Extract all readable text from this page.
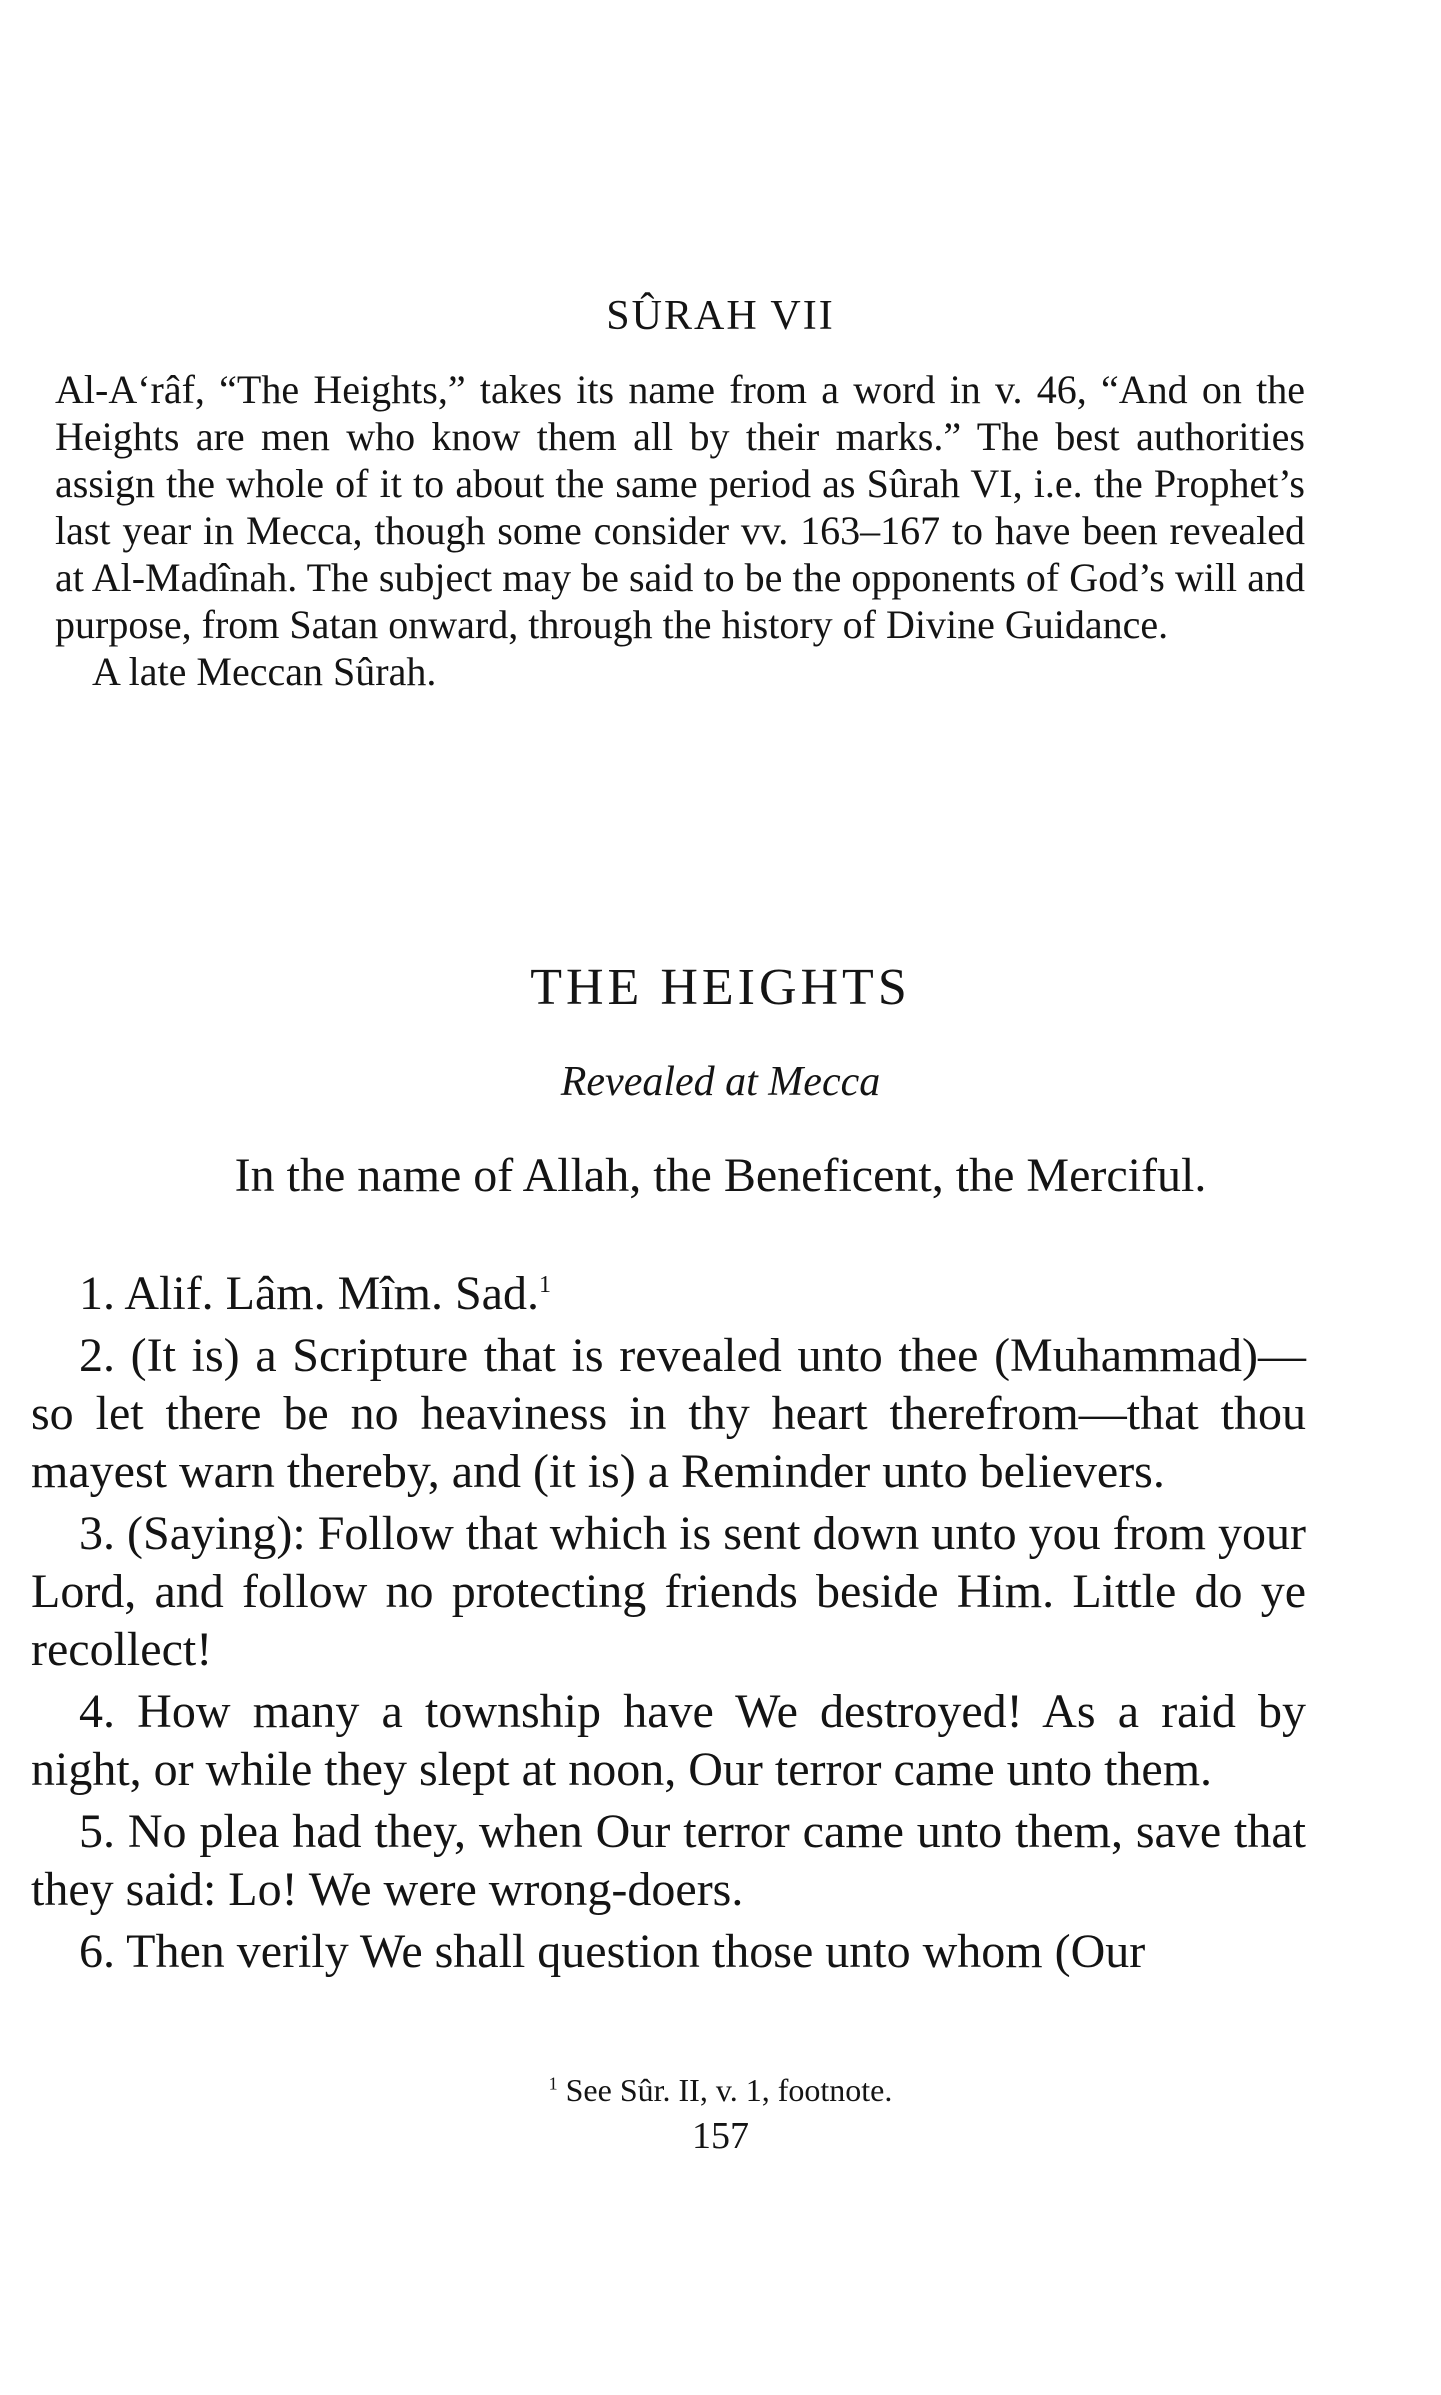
SÛRAH VII

Al-A‘râf, “The Heights,” takes its name from a word in v. 46, “And on the Heights are men who know them all by their marks.” The best authorities assign the whole of it to about the same period as Sûrah VI, i.e. the Prophet’s last year in Mecca, though some consider vv. 163–167 to have been revealed at Al-Madînah. The subject may be said to be the opponents of God’s will and purpose, from Satan onward, through the history of Divine Guidance.

A late Meccan Sûrah.

THE HEIGHTS
Revealed at Mecca
In the name of Allah, the Beneficent, the Merciful.

1. Alif. Lâm. Mîm. Sad.$^1$

2. (It is) a Scripture that is revealed unto thee (Muhammad)—so let there be no heaviness in thy heart therefrom—that thou mayest warn thereby, and (it is) a Reminder unto believers.

3. (Saying): Follow that which is sent down unto you from your Lord, and follow no protecting friends beside Him. Little do ye recollect!

4. How many a township have We destroyed! As a raid by night, or while they slept at noon, Our terror came unto them.

5. No plea had they, when Our terror came unto them, save that they said: Lo! We were wrong-doers.

6. Then verily We shall question those unto whom (Our

$^1$ See Sûr. II, v. 1, footnote.
157
